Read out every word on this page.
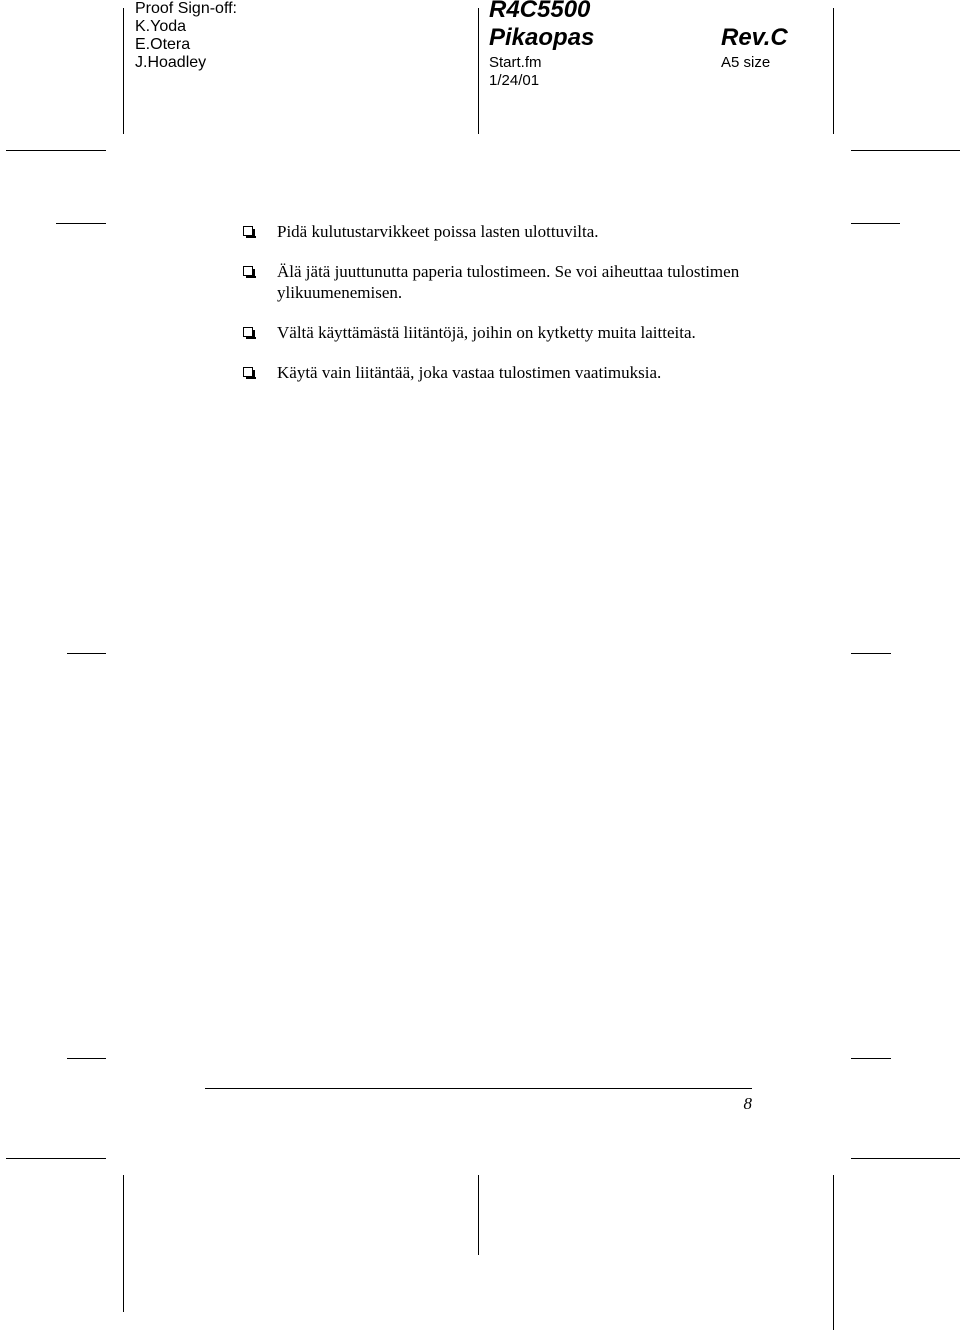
Proof Sign-off:
K.Yoda
E.Otera
J.Hoadley
R4C5500
Pikaopas
Start.fm
1/24/01
Rev.C
A5 size
Pidä kulutustarvikkeet poissa lasten ulottuvilta.
Älä jätä juuttunutta paperia tulostimeen. Se voi aiheuttaa tulostimen ylikuumenemisen.
Vältä käyttämästä liitäntöjä, joihin on kytketty muita laitteita.
Käytä vain liitäntää, joka vastaa tulostimen vaatimuksia.
8
